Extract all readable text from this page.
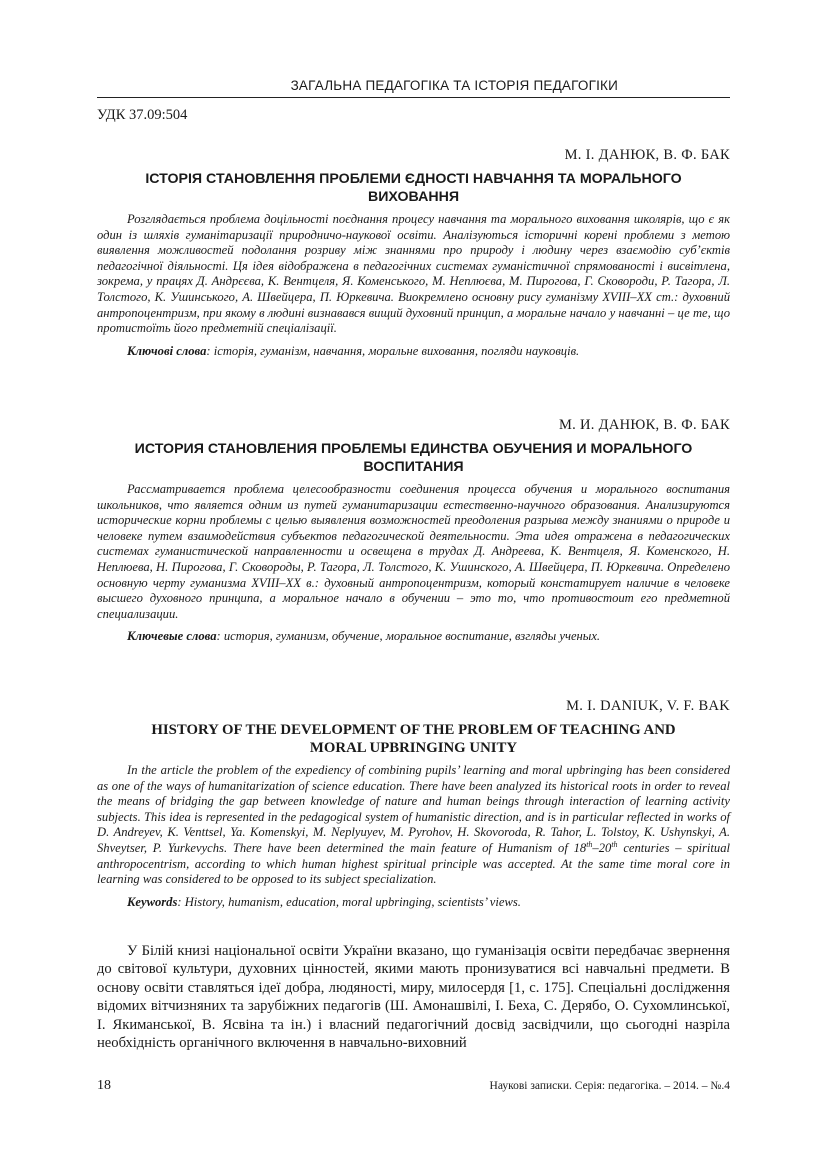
ЗАГАЛЬНА ПЕДАГОГІКА ТА ІСТОРІЯ ПЕДАГОГІКИ
УДК 37.09:504
М. І. ДАНЮК, В. Ф. БАК
ІСТОРІЯ СТАНОВЛЕННЯ ПРОБЛЕМИ ЄДНОСТІ НАВЧАННЯ ТА МОРАЛЬНОГО ВИХОВАННЯ

Розглядається проблема доцільності поєднання процесу навчання та морального виховання школярів, що є як один із шляхів гуманітаризації природничо-наукової освіти. Аналізуються історичні корені проблеми з метою виявлення можливостей подолання розриву між знаннями про природу і людину через взаємодію суб’єктів педагогічної діяльності. Ця ідея відображена в педагогічних системах гуманістичної спрямованості і висвітлена, зокрема, у працях Д. Андрєєва, К. Вентцеля, Я. Коменського, М. Неплюєва, М. Пирогова, Г. Сковороди, Р. Тагора, Л. Толстого, К. Ушинського, А. Швейцера, П. Юркевича. Виокремлено основну рису гуманізму XVIII–XX ст.: духовний антропоцентризм, при якому в людині визнавався вищий духовний принцип, а моральне начало у навчанні – це те, що протистоїть його предметній спеціалізації.

Ключові слова: історія, гуманізм, навчання, моральне виховання, погляди науковців.

М. И. ДАНЮК, В. Ф. БАК
ИСТОРИЯ СТАНОВЛЕНИЯ ПРОБЛЕМЫ ЕДИНСТВА ОБУЧЕНИЯ И МОРАЛЬНОГО ВОСПИТАНИЯ

Рассматривается проблема целесообразности соединения процесса обучения и морального воспитания школьников, что является одним из путей гуманитаризации естественно-научного образования. Анализируются исторические корни проблемы с целью выявления возможностей преодоления разрыва между знаниями о природе и человеке путем взаимодействия субъектов педагогической деятельности. Эта идея отражена в педагогических системах гуманистической направленности и освещена в трудах Д. Андреева, К. Вентцеля, Я. Коменского, Н. Неплюева, Н. Пирогова, Г. Сковороды, Р. Тагора, Л. Толстого, К. Ушинского, А. Швейцера, П. Юркевича. Определено основную черту гуманизма XVIII–XX в.: духовный антропоцентризм, который констатирует наличие в человеке высшего духовного принципа, а моральное начало в обучении – это то, что противостоит его предметной специализации.

Ключевые слова: история, гуманизм, обучение, моральное воспитание, взгляды ученых.

M. I. DANIUK, V. F. BAK
HISTORY OF THE DEVELOPMENT OF THE PROBLEM OF TEACHING AND MORAL UPBRINGING UNITY

In the article the problem of the expediency of combining pupils’ learning and moral upbringing has been considered as one of the ways of humanitarization of science education. There have been analyzed its historical roots in order to reveal the means of bridging the gap between knowledge of nature and human beings through interaction of learning activity subjects. This idea is represented in the pedagogical system of humanistic direction, and is in particular reflected in works of D. Andreyev, K. Venttsel, Ya. Komenskyi, M. Neplyuyev, M. Pyrohov, H. Skovoroda, R. Tahor, L. Tolstoy, K. Ushynskyi, A. Shveytser, P. Yurkevychs. There have been determined the main feature of Humanism of 18th–20th centuries – spiritual anthropocentrism, according to which human highest spiritual principle was accepted. At the same time moral core in learning was considered to be opposed to its subject specialization.

Keywords: History, humanism, education, moral upbringing, scientists’ views.

У Білій книзі національної освіти України вказано, що гуманізація освіти передбачає звернення до світової культури, духовних цінностей, якими мають пронизуватися всі навчальні предмети. В основу освіти ставляться ідеї добра, людяності, миру, милосердя [1, с. 175]. Спеціальні дослідження відомих вітчизняних та зарубіжних педагогів (Ш. Амонашвілі, І. Беха, С. Дерябо, О. Сухомлинської, І. Якиманської, В. Ясвіна та ін.) і власний педагогічний досвід засвідчили, що сьогодні назріла необхідність органічного включення в навчально-виховний

18	Наукові записки. Серія: педагогіка. – 2014. – №.4
